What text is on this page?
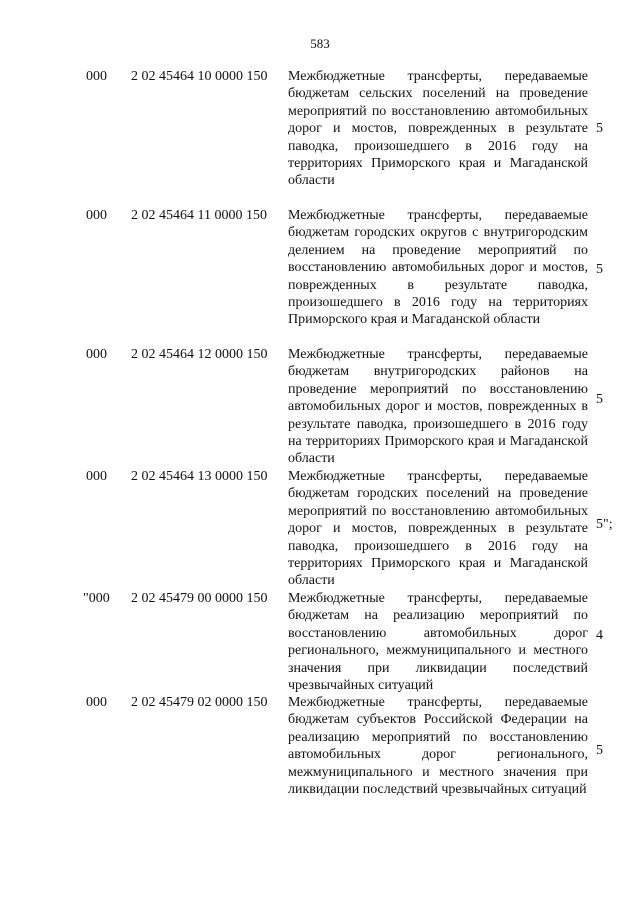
583
000 2 02 45464 10 0000 150 Межбюджетные трансферты, передаваемые бюджетам сельских поселений на проведение мероприятий по восстановлению автомобильных дорог и мостов, поврежденных в результате паводка, произошедшего в 2016 году на территориях Приморского края и Магаданской области
5
000 2 02 45464 11 0000 150 Межбюджетные трансферты, передаваемые бюджетам городских округов с внутригородским делением на проведение мероприятий по восстановлению автомобильных дорог и мостов, поврежденных в результате паводка, произошедшего в 2016 году на территориях Приморского края и Магаданской области
5
000 2 02 45464 12 0000 150 Межбюджетные трансферты, передаваемые бюджетам внутригородских районов на проведение мероприятий по восстановлению автомобильных дорог и мостов, поврежденных в результате паводка, произошедшего в 2016 году на территориях Приморского края и Магаданской области
5
000 2 02 45464 13 0000 150 Межбюджетные трансферты, передаваемые бюджетам городских поселений на проведение мероприятий по восстановлению автомобильных дорог и мостов, поврежденных в результате паводка, произошедшего в 2016 году на территориях Приморского края и Магаданской области
5";
"000 2 02 45479 00 0000 150 Межбюджетные трансферты, передаваемые бюджетам на реализацию мероприятий по восстановлению автомобильных дорог регионального, межмуниципального и местного значения при ликвидации последствий чрезвычайных ситуаций
4
000 2 02 45479 02 0000 150 Межбюджетные трансферты, передаваемые бюджетам субъектов Российской Федерации на реализацию мероприятий по восстановлению автомобильных дорог регионального, межмуниципального и местного значения при ликвидации последствий чрезвычайных ситуаций
5
